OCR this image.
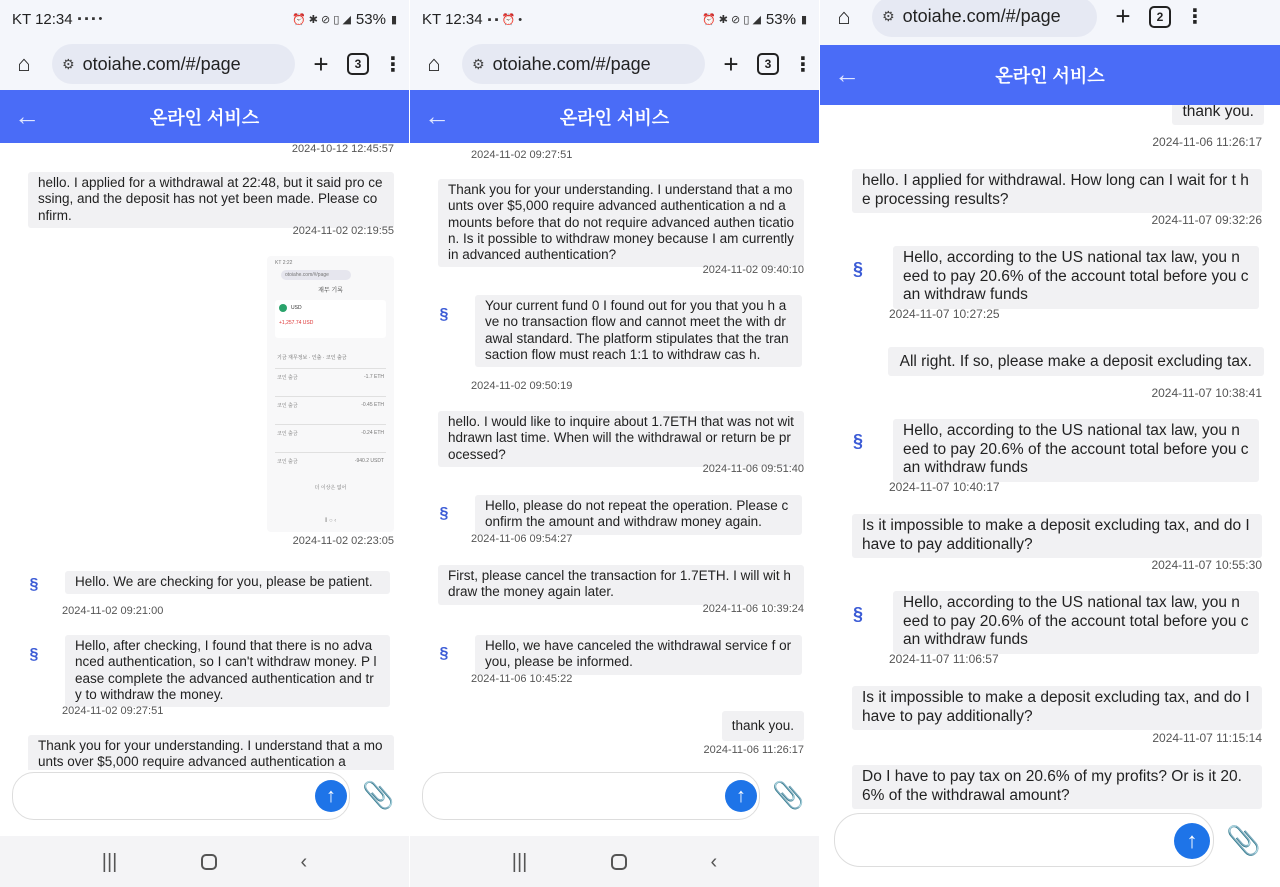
KT 12:34 ▪ ▪ ▪ •	⏰ ✱ ⊘ ▯ ◢ 53% ▮
⌂	⚙ otoiahe.com/#/page	+	3	⋮
←	온라인 서비스
2024-10-12 12:45:57
hello. I applied for a withdrawal at 22:48, but it said pro cessing, and the deposit has not yet been made. Please confirm.
2024-11-02 02:19:55
KT 2:22
otoiahe.com/#/page
재무 기록
USD
+1,257.74 USD
기금 재무정보 · 인출 · 코인 출금
코인 출금	-1.7 ETH
코인 출금	-0.45 ETH
코인 출금	-0.24 ETH
코인 출금	-940.2 USDT
더 이상은 없어
⦀ ○ ‹
2024-11-02 02:23:05
§	Hello. We are checking for you, please be patient.
2024-11-02 09:21:00
§
Hello, after checking, I found that there is no adva nced authentication, so I can't withdraw money. P lease complete the advanced authentication and try to withdraw the money.
2024-11-02 09:27:51
Thank you for your understanding. I understand that a mounts over $5,000 require advanced authentication a
↑	📎
|||	‹
KT 12:34 ▪ ▪ ⏰ •	⏰ ✱ ⊘ ▯ ◢ 53% ▮
⌂	⚙ otoiahe.com/#/page	+	3	⋮
←	온라인 서비스
2024-11-02 09:27:51
Thank you for your understanding. I understand that a mounts over $5,000 require advanced authentication a nd amounts before that do not require advanced authen tication. Is it possible to withdraw money because I am currently in advanced authentication?
2024-11-02 09:40:10
§
Your current fund 0 I found out for you that you h ave no transaction flow and cannot meet the with drawal standard. The platform stipulates that the transaction flow must reach 1:1 to withdraw cas h.
2024-11-02 09:50:19
hello. I would like to inquire about 1.7ETH that was not withdrawn last time. When will the withdrawal or return be processed?
2024-11-06 09:51:40
§	Hello, please do not repeat the operation. Please confirm the amount and withdraw money again.
2024-11-06 09:54:27
First, please cancel the transaction for 1.7ETH. I will wit hdraw the money again later.
2024-11-06 10:39:24
§	Hello, we have canceled the withdrawal service f or you, please be informed.
2024-11-06 10:45:22
thank you.
2024-11-06 11:26:17
↑	📎
|||	‹
⌂	⚙ otoiahe.com/#/page +	2	⋮
←	온라인 서비스
thank you.
2024-11-06 11:26:17
hello. I applied for withdrawal. How long can I wait for t he processing results?
2024-11-07 09:32:26
§
Hello, according to the US national tax law, you n eed to pay 20.6% of the account total before you can withdraw funds
2024-11-07 10:27:25
All right. If so, please make a deposit excluding tax.
2024-11-07 10:38:41
§
Hello, according to the US national tax law, you n eed to pay 20.6% of the account total before you can withdraw funds
2024-11-07 10:40:17
Is it impossible to make a deposit excluding tax, and do I have to pay additionally?
2024-11-07 10:55:30
§
Hello, according to the US national tax law, you n eed to pay 20.6% of the account total before you can withdraw funds
2024-11-07 11:06:57
Is it impossible to make a deposit excluding tax, and do I have to pay additionally?
2024-11-07 11:15:14
Do I have to pay tax on 20.6% of my profits? Or is it 20. 6% of the withdrawal amount?
↑	📎
